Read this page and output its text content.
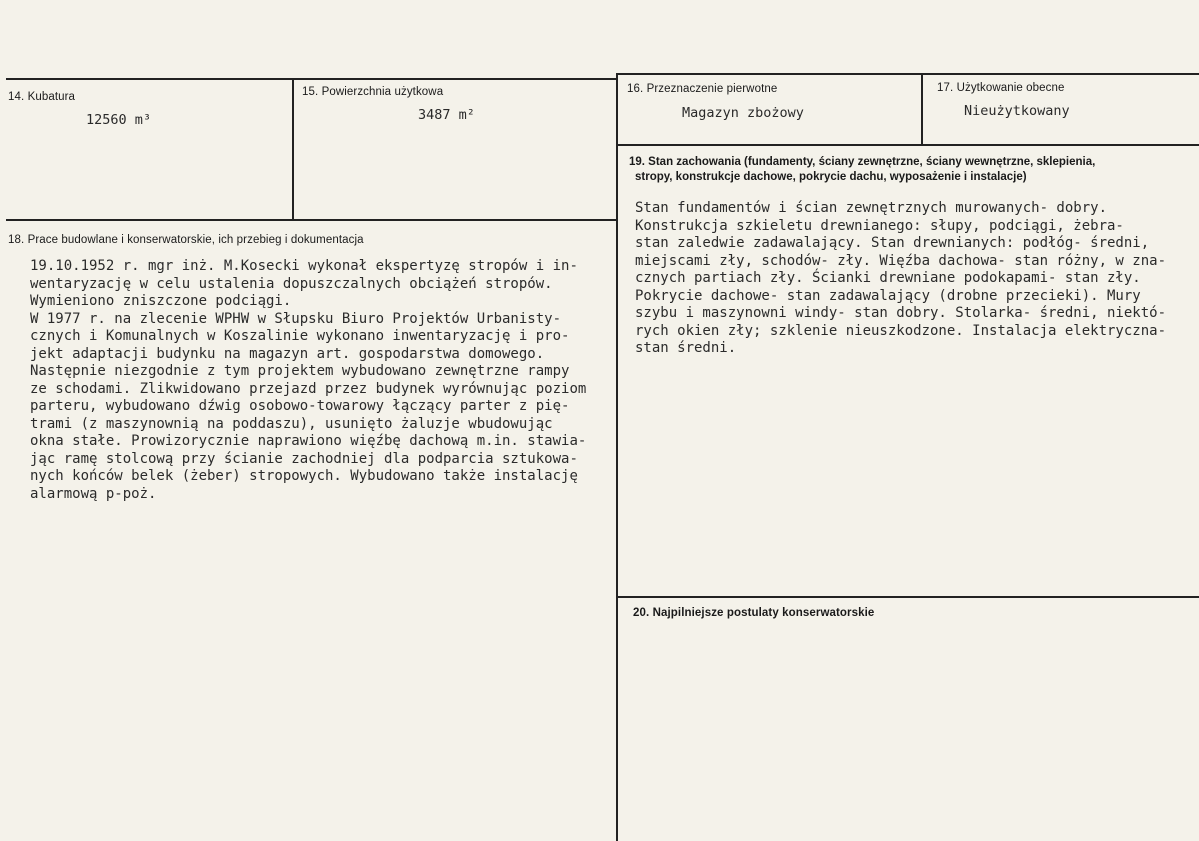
14. Kubatura
12560 m³
15. Powierzchnia użytkowa
3487 m²
16. Przeznaczenie pierwotne
Magazyn zbożowy
17. Użytkowanie obecne
Nieużytkowany
19. Stan zachowania (fundamenty, ściany zewnętrzne, ściany wewnętrzne, sklepienia,
stropy, konstrukcje dachowe, pokrycie dachu, wyposażenie i instalacje)
Stan fundamentów i ścian zewnętrznych murowanych- dobry.
Konstrukcja szkieletu drewnianego: słupy, podciągi, żebra-
stan zaledwie zadawalający. Stan drewnianych: podłóg- średni,
miejscami zły, schodów- zły. Więźba dachowa- stan różny, w zna-
cznych partiach zły. Ścianki drewniane podokapami- stan zły.
Pokrycie dachowe- stan zadawalający (drobne przecieki). Mury
szybu i maszynowni windy- stan dobry. Stolarka- średni, niektó-
rych okien zły; szklenie nieuszkodzone. Instalacja elektryczna-
stan średni.
18. Prace budowlane i konserwatorskie, ich przebieg i dokumentacja
19.10.1952 r. mgr inż. M.Kosecki wykonał ekspertyzę stropów i in-
wentaryzację w celu ustalenia dopuszczalnych obciążeń stropów.
Wymieniono zniszczone podciągi.
W 1977 r. na zlecenie WPHW w Słupsku Biuro Projektów Urbanisty-
cznych i Komunalnych w Koszalinie wykonano inwentaryzację i pro-
jekt adaptacji budynku na magazyn art. gospodarstwa domowego.
Następnie niezgodnie z tym projektem wybudowano zewnętrzne rampy
ze schodami. Zlikwidowano przejazd przez budynek wyrównując poziom
parteru, wybudowano dźwig osobowo-towarowy łączący parter z pię-
trami (z maszynownią na poddaszu), usunięto żaluzje wbudowując
okna stałe. Prowizorycznie naprawiono więźbę dachową m.in. stawia-
jąc ramę stolcową przy ścianie zachodniej dla podparcia sztukowa-
nych końców belek (żeber) stropowych. Wybudowano także instalację
alarmową p-poż.
20. Najpilniejsze postulaty konserwatorskie
